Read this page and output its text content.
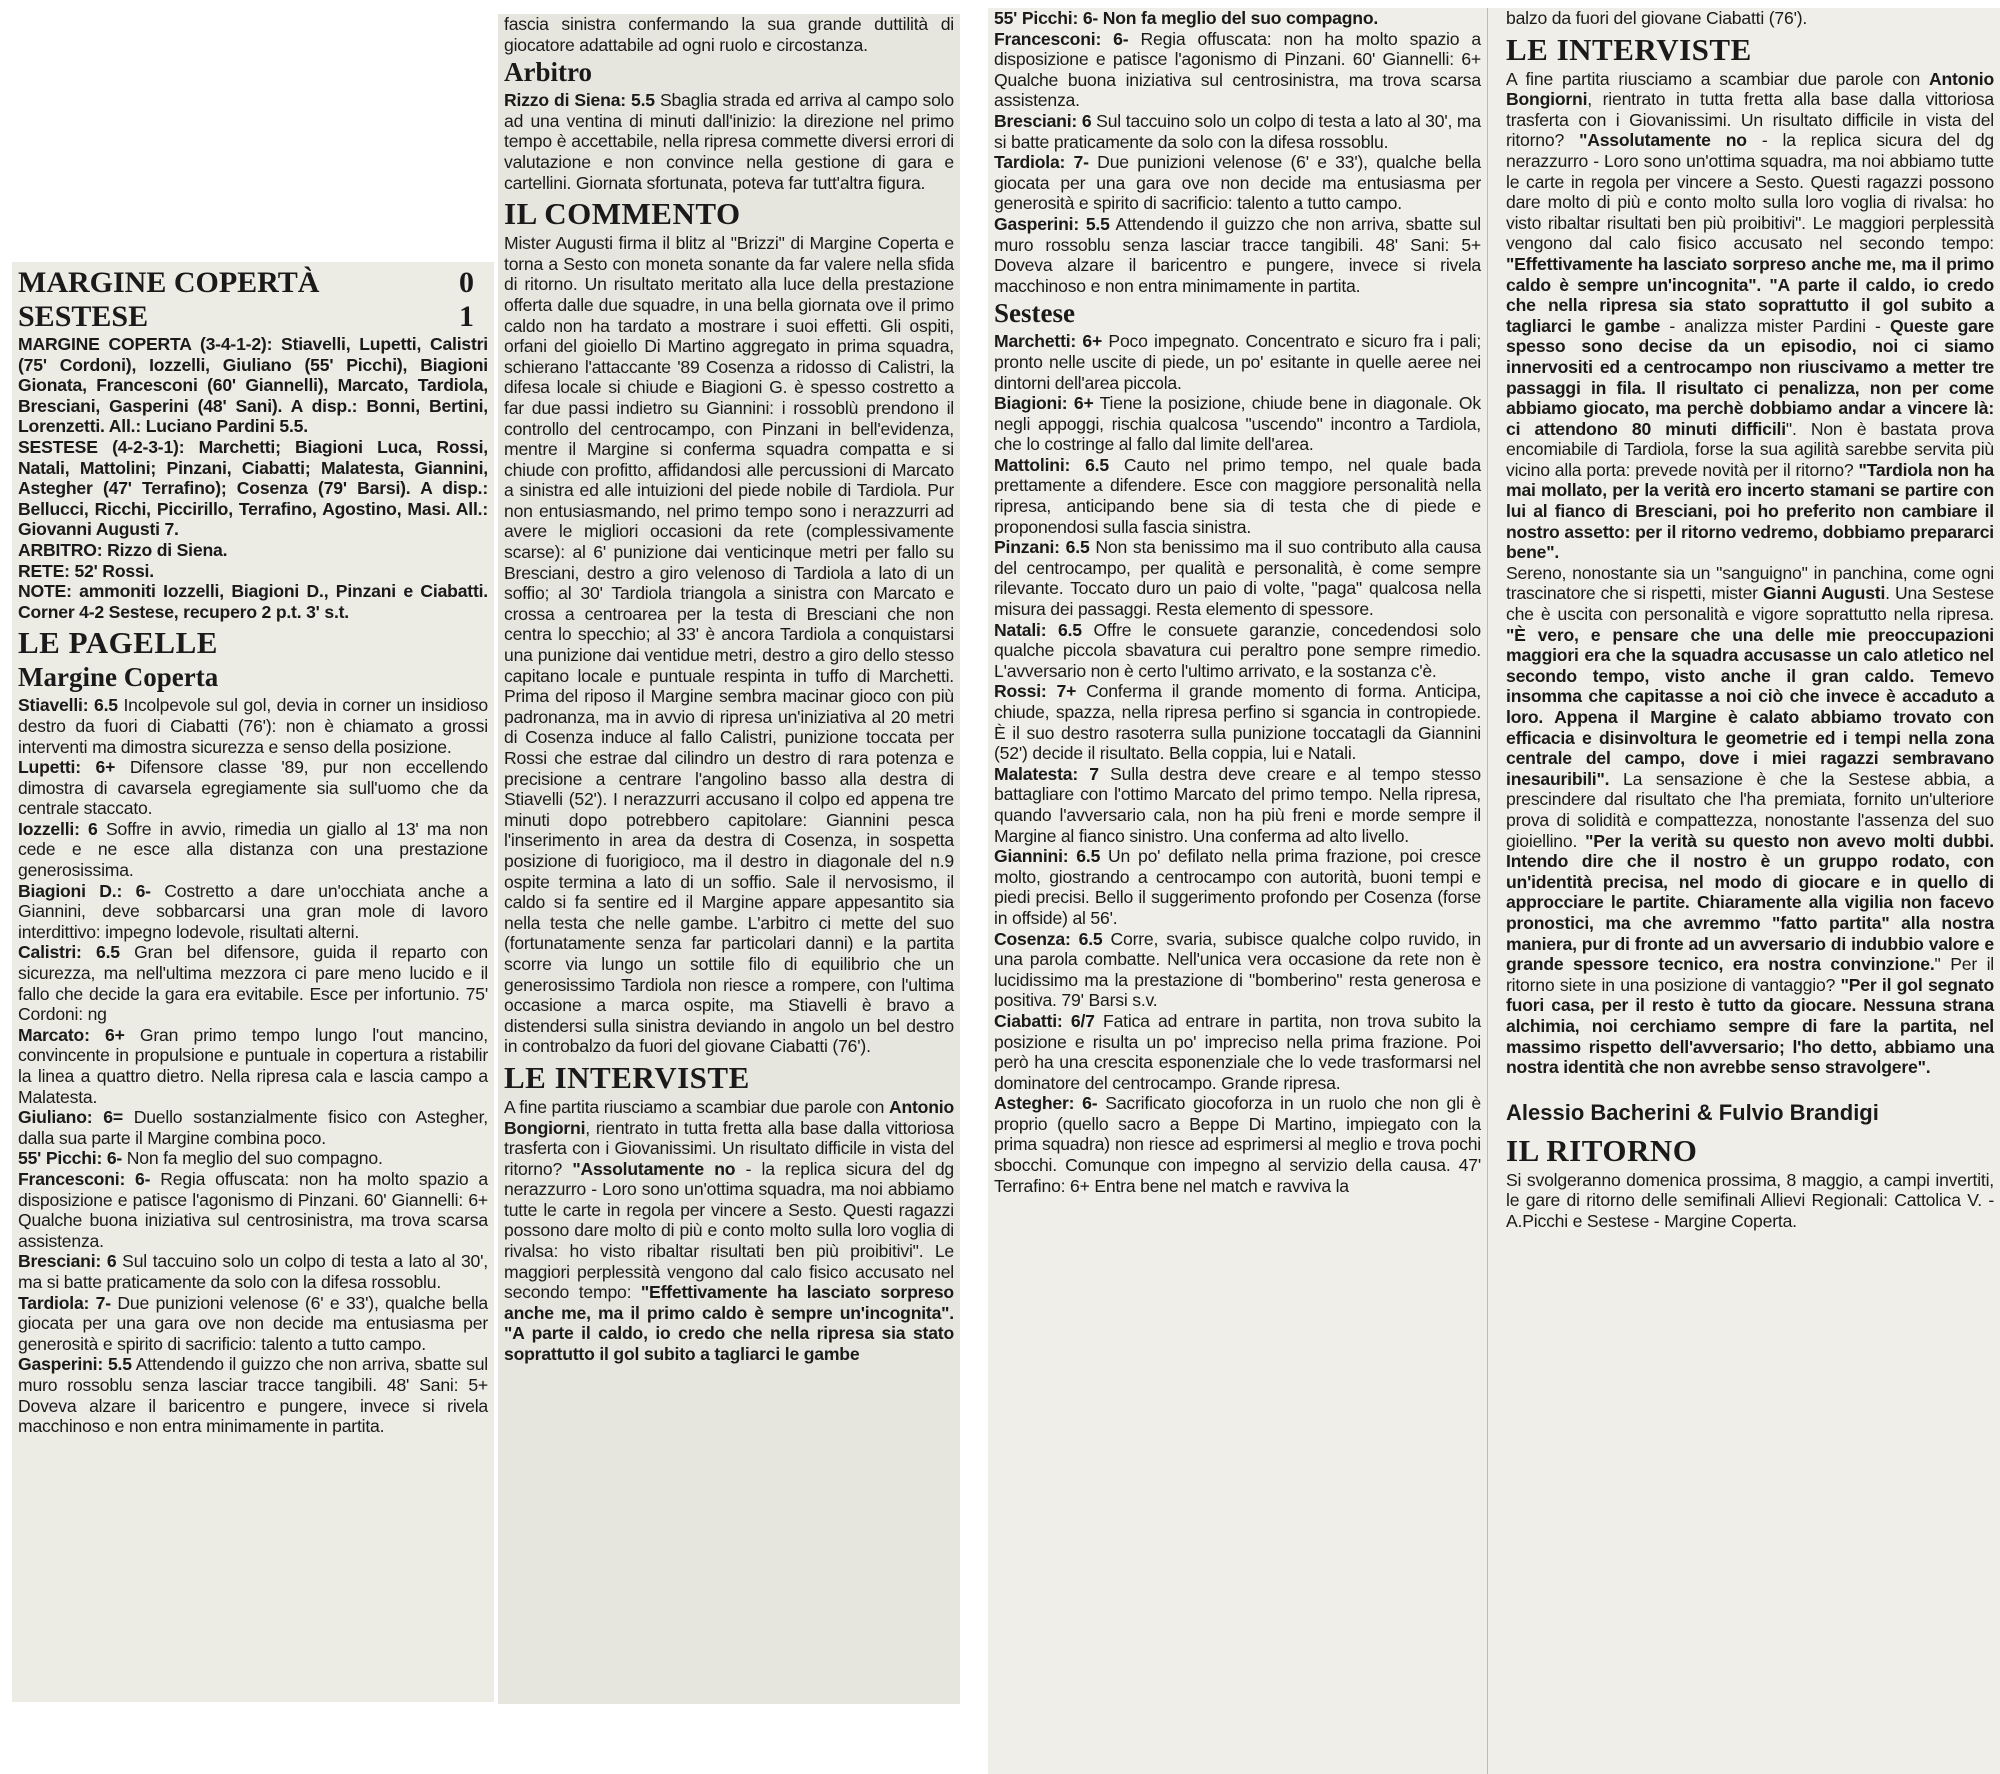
MARGINE COPERTÀ	0
SESTESE	1

MARGINE COPERTA (3-4-1-2): Stiavelli, Lupetti, Calistri (75' Cordoni), Iozzelli, Giuliano (55' Picchi), Biagioni Gionata, Francesconi (60' Giannelli), Marcato, Tardiola, Bresciani, Gasperini (48' Sani). A disp.: Bonni, Bertini, Lorenzetti. All.: Luciano Pardini 5.5.

SESTESE (4-2-3-1): Marchetti; Biagioni Luca, Rossi, Natali, Mattolini; Pinzani, Ciabatti; Malatesta, Giannini, Astegher (47' Terrafino); Cosenza (79' Barsi). A disp.: Bellucci, Ricchi, Piccirillo, Terrafino, Agostino, Masi. All.: Giovanni Augusti 7.

ARBITRO: Rizzo di Siena.

RETE: 52' Rossi.

NOTE: ammoniti Iozzelli, Biagioni D., Pinzani e Ciabatti. Corner 4-2 Sestese, recupero 2 p.t. 3' s.t.

LE PAGELLE
Margine Coperta

Stiavelli: 6.5 Incolpevole sul gol, devia in corner un insidioso destro da fuori di Ciabatti (76'): non è chiamato a grossi interventi ma dimostra sicurezza e senso della posizione.

Lupetti: 6+ Difensore classe '89, pur non eccellendo dimostra di cavarsela egregiamente sia sull'uomo che da centrale staccato.

Iozzelli: 6 Soffre in avvio, rimedia un giallo al 13' ma non cede e ne esce alla distanza con una prestazione generosissima.

Biagioni D.: 6- Costretto a dare un'occhiata anche a Giannini, deve sobbarcarsi una gran mole di lavoro interdittivo: impegno lodevole, risultati alterni.

Calistri: 6.5 Gran bel difensore, guida il reparto con sicurezza, ma nell'ultima mezzora ci pare meno lucido e il fallo che decide la gara era evitabile. Esce per infortunio. 75' Cordoni: ng

Marcato: 6+ Gran primo tempo lungo l'out mancino, convincente in propulsione e puntuale in copertura a ristabilir la linea a quattro dietro. Nella ripresa cala e lascia campo a Malatesta.

Giuliano: 6= Duello sostanzialmente fisico con Astegher, dalla sua parte il Margine combina poco.

55' Picchi: 6- Non fa meglio del suo compagno.

Francesconi: 6- Regia offuscata: non ha molto spazio a disposizione e patisce l'agonismo di Pinzani. 60' Giannelli: 6+ Qualche buona iniziativa sul centrosinistra, ma trova scarsa assistenza.

Bresciani: 6 Sul taccuino solo un colpo di testa a lato al 30', ma si batte praticamente da solo con la difesa rossoblu.

Tardiola: 7- Due punizioni velenose (6' e 33'), qualche bella giocata per una gara ove non decide ma entusiasma per generosità e spirito di sacrificio: talento a tutto campo.

Gasperini: 5.5 Attendendo il guizzo che non arriva, sbatte sul muro rossoblu senza lasciar tracce tangibili. 48' Sani: 5+ Doveva alzare il baricentro e pungere, invece si rivela macchinoso e non entra minimamente in partita.

fascia sinistra confermando la sua grande duttilità di giocatore adattabile ad ogni ruolo e circostanza.

Arbitro

Rizzo di Siena: 5.5 Sbaglia strada ed arriva al campo solo ad una ventina di minuti dall'inizio: la direzione nel primo tempo è accettabile, nella ripresa commette diversi errori di valutazione e non convince nella gestione di gara e cartellini. Giornata sfortunata, poteva far tutt'altra figura.

IL COMMENTO

Mister Augusti firma il blitz al "Brizzi" di Margine Coperta e torna a Sesto con moneta sonante da far valere nella sfida di ritorno. Un risultato meritato alla luce della prestazione offerta dalle due squadre, in una bella giornata ove il primo caldo non ha tardato a mostrare i suoi effetti. Gli ospiti, orfani del gioiello Di Martino aggregato in prima squadra, schierano l'attaccante '89 Cosenza a ridosso di Calistri, la difesa locale si chiude e Biagioni G. è spesso costretto a far due passi indietro su Giannini: i rossoblù prendono il controllo del centrocampo, con Pinzani in bell'evidenza, mentre il Margine si conferma squadra compatta e si chiude con profitto, affidandosi alle percussioni di Marcato a sinistra ed alle intuizioni del piede nobile di Tardiola. Pur non entusiasmando, nel primo tempo sono i nerazzurri ad avere le migliori occasioni da rete (complessivamente scarse): al 6' punizione dai venticinque metri per fallo su Bresciani, destro a giro velenoso di Tardiola a lato di un soffio; al 30' Tardiola triangola a sinistra con Marcato e crossa a centroarea per la testa di Bresciani che non centra lo specchio; al 33' è ancora Tardiola a conquistarsi una punizione dai ventidue metri, destro a giro dello stesso capitano locale e puntuale respinta in tuffo di Marchetti. Prima del riposo il Margine sembra macinar gioco con più padronanza, ma in avvio di ripresa un'iniziativa al 20 metri di Cosenza induce al fallo Calistri, punizione toccata per Rossi che estrae dal cilindro un destro di rara potenza e precisione a centrare l'angolino basso alla destra di Stiavelli (52'). I nerazzurri accusano il colpo ed appena tre minuti dopo potrebbero capitolare: Giannini pesca l'inserimento in area da destra di Cosenza, in sospetta posizione di fuorigioco, ma il destro in diagonale del n.9 ospite termina a lato di un soffio. Sale il nervosismo, il caldo si fa sentire ed il Margine appare appesantito sia nella testa che nelle gambe. L'arbitro ci mette del suo (fortunatamente senza far particolari danni) e la partita scorre via lungo un sottile filo di equilibrio che un generosissimo Tardiola non riesce a rompere, con l'ultima occasione a marca ospite, ma Stiavelli è bravo a distendersi sulla sinistra deviando in angolo un bel destro in controbalzo da fuori del giovane Ciabatti (76').

LE INTERVISTE

A fine partita riusciamo a scambiar due parole con Antonio Bongiorni, rientrato in tutta fretta alla base dalla vittoriosa trasferta con i Giovanissimi. Un risultato difficile in vista del ritorno? "Assolutamente no - la replica sicura del dg nerazzurro - Loro sono un'ottima squadra, ma noi abbiamo tutte le carte in regola per vincere a Sesto. Questi ragazzi possono dare molto di più e conto molto sulla loro voglia di rivalsa: ho visto ribaltar risultati ben più proibitivi". Le maggiori perplessità vengono dal calo fisico accusato nel secondo tempo: "Effettivamente ha lasciato sorpreso anche me, ma il primo caldo è sempre un'incognita". "A parte il caldo, io credo che nella ripresa sia stato soprattutto il gol subito a tagliarci le gambe

55' Picchi: 6- Non fa meglio del suo compagno.

Francesconi: 6- Regia offuscata: non ha molto spazio a disposizione e patisce l'agonismo di Pinzani. 60' Giannelli: 6+ Qualche buona iniziativa sul centrosinistra, ma trova scarsa assistenza.

Bresciani: 6 Sul taccuino solo un colpo di testa a lato al 30', ma si batte praticamente da solo con la difesa rossoblu.

Tardiola: 7- Due punizioni velenose (6' e 33'), qualche bella giocata per una gara ove non decide ma entusiasma per generosità e spirito di sacrificio: talento a tutto campo.

Gasperini: 5.5 Attendendo il guizzo che non arriva, sbatte sul muro rossoblu senza lasciar tracce tangibili. 48' Sani: 5+ Doveva alzare il baricentro e pungere, invece si rivela macchinoso e non entra minimamente in partita.

Sestese

Marchetti: 6+ Poco impegnato. Concentrato e sicuro fra i pali; pronto nelle uscite di piede, un po' esitante in quelle aeree nei dintorni dell'area piccola.

Biagioni: 6+ Tiene la posizione, chiude bene in diagonale. Ok negli appoggi, rischia qualcosa "uscendo" incontro a Tardiola, che lo costringe al fallo dal limite dell'area.

Mattolini: 6.5 Cauto nel primo tempo, nel quale bada prettamente a difendere. Esce con maggiore personalità nella ripresa, anticipando bene sia di testa che di piede e proponendosi sulla fascia sinistra.

Pinzani: 6.5 Non sta benissimo ma il suo contributo alla causa del centrocampo, per qualità e personalità, è come sempre rilevante. Toccato duro un paio di volte, "paga" qualcosa nella misura dei passaggi. Resta elemento di spessore.

Natali: 6.5 Offre le consuete garanzie, concedendosi solo qualche piccola sbavatura cui peraltro pone sempre rimedio. L'avversario non è certo l'ultimo arrivato, e la sostanza c'è.

Rossi: 7+ Conferma il grande momento di forma. Anticipa, chiude, spazza, nella ripresa perfino si sgancia in contropiede. È il suo destro rasoterra sulla punizione toccatagli da Giannini (52') decide il risultato. Bella coppia, lui e Natali.

Malatesta: 7 Sulla destra deve creare e al tempo stesso battagliare con l'ottimo Marcato del primo tempo. Nella ripresa, quando l'avversario cala, non ha più freni e morde sempre il Margine al fianco sinistro. Una conferma ad alto livello.

Giannini: 6.5 Un po' defilato nella prima frazione, poi cresce molto, giostrando a centrocampo con autorità, buoni tempi e piedi precisi. Bello il suggerimento profondo per Cosenza (forse in offside) al 56'.

Cosenza: 6.5 Corre, svaria, subisce qualche colpo ruvido, in una parola combatte. Nell'unica vera occasione da rete non è lucidissimo ma la prestazione di "bomberino" resta generosa e positiva. 79' Barsi s.v.

Ciabatti: 6/7 Fatica ad entrare in partita, non trova subito la posizione e risulta un po' impreciso nella prima frazione. Poi però ha una crescita esponenziale che lo vede trasformarsi nel dominatore del centrocampo. Grande ripresa.

Astegher: 6- Sacrificato giocoforza in un ruolo che non gli è proprio (quello sacro a Beppe Di Martino, impiegato con la prima squadra) non riesce ad esprimersi al meglio e trova pochi sbocchi. Comunque con impegno al servizio della causa. 47' Terrafino: 6+ Entra bene nel match e ravviva la

balzo da fuori del giovane Ciabatti (76').

LE INTERVISTE

A fine partita riusciamo a scambiar due parole con Antonio Bongiorni, rientrato in tutta fretta alla base dalla vittoriosa trasferta con i Giovanissimi. Un risultato difficile in vista del ritorno? "Assolutamente no - la replica sicura del dg nerazzurro - Loro sono un'ottima squadra, ma noi abbiamo tutte le carte in regola per vincere a Sesto. Questi ragazzi possono dare molto di più e conto molto sulla loro voglia di rivalsa: ho visto ribaltar risultati ben più proibitivi". Le maggiori perplessità vengono dal calo fisico accusato nel secondo tempo: "Effettivamente ha lasciato sorpreso anche me, ma il primo caldo è sempre un'incognita". "A parte il caldo, io credo che nella ripresa sia stato soprattutto il gol subito a tagliarci le gambe - analizza mister Pardini - Queste gare spesso sono decise da un episodio, noi ci siamo innervositi ed a centrocampo non riuscivamo a metter tre passaggi in fila. Il risultato ci penalizza, non per come abbiamo giocato, ma perchè dobbiamo andar a vincere là: ci attendono 80 minuti difficili". Non è bastata prova encomiabile di Tardiola, forse la sua agilità sarebbe servita più vicino alla porta: prevede novità per il ritorno? "Tardiola non ha mai mollato, per la verità ero incerto stamani se partire con lui al fianco di Bresciani, poi ho preferito non cambiare il nostro assetto: per il ritorno vedremo, dobbiamo prepararci bene".

Sereno, nonostante sia un "sanguigno" in panchina, come ogni trascinatore che si rispetti, mister Gianni Augusti. Una Sestese che è uscita con personalità e vigore soprattutto nella ripresa. "È vero, e pensare che una delle mie preoccupazioni maggiori era che la squadra accusasse un calo atletico nel secondo tempo, visto anche il gran caldo. Temevo insomma che capitasse a noi ciò che invece è accaduto a loro. Appena il Margine è calato abbiamo trovato con efficacia e disinvoltura le geometrie ed i tempi nella zona centrale del campo, dove i miei ragazzi sembravano inesauribili". La sensazione è che la Sestese abbia, a prescindere dal risultato che l'ha premiata, fornito un'ulteriore prova di solidità e compattezza, nonostante l'assenza del suo gioiellino. "Per la verità su questo non avevo molti dubbi. Intendo dire che il nostro è un gruppo rodato, con un'identità precisa, nel modo di giocare e in quello di approcciare le partite. Chiaramente alla vigilia non facevo pronostici, ma che avremmo "fatto partita" alla nostra maniera, pur di fronte ad un avversario di indubbio valore e grande spessore tecnico, era nostra convinzione." Per il ritorno siete in una posizione di vantaggio? "Per il gol segnato fuori casa, per il resto è tutto da giocare. Nessuna strana alchimia, noi cerchiamo sempre di fare la partita, nel massimo rispetto dell'avversario; l'ho detto, abbiamo una nostra identità che non avrebbe senso stravolgere".

Alessio Bacherini & Fulvio Brandigi
IL RITORNO

Si svolgeranno domenica prossima, 8 maggio, a campi invertiti, le gare di ritorno delle semifinali Allievi Regionali: Cattolica V. - A.Picchi e Sestese - Margine Coperta.
